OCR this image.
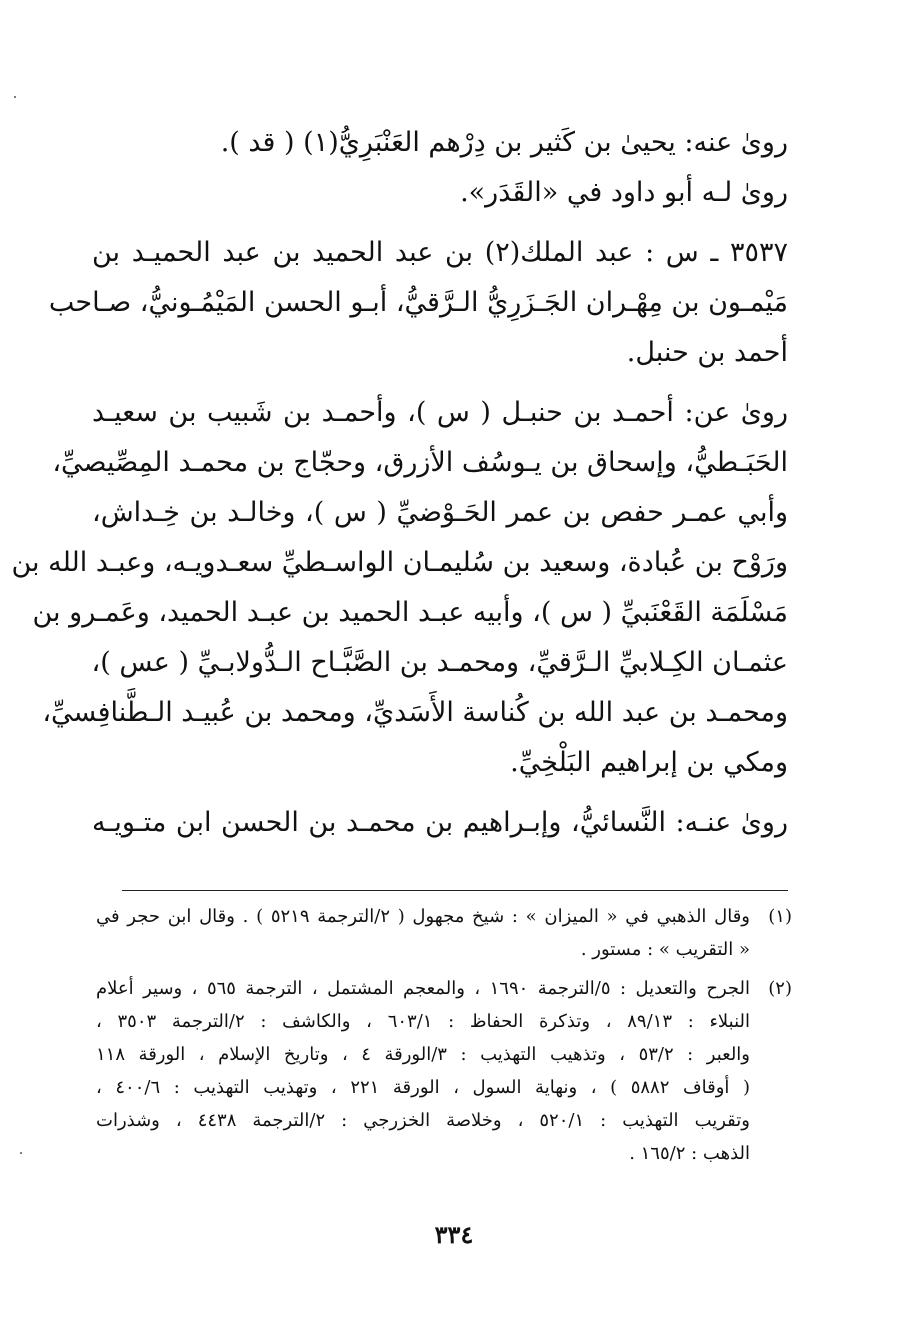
رویٰ عنه: يحيىٰ بن كَثير بن دِرْهم العَنْبَرِيُّ(١) ( قد ).
رویٰ لـه أبو داود في «القَدَر».
٣٥٣٧ ـ س : عبد الملك(٢) بن عبد الحميد بن عبد الحميـد بن
مَيْمـون بن مِهْـران الجَـزَرِيُّ الـرَّقيُّ، أبـو الحسن المَيْمُـونيُّ، صـاحب
أحمد بن حنبل.
رویٰ عن: أحمـد بن حنبـل ( س )، وأحمـد بن شَبيب بن سعيـد
الحَبَـطيُّ، وإسحاق بن يـوسُف الأزرق، وحجّاج بن محمـد المِصِّيصيِّ،
وأبي عمـر حفص بن عمر الحَـوْضيِّ ( س )، وخالـد بن خِـداش،
ورَوْح بن عُبادة، وسعيد بن سُليمـان الواسـطيِّ سعـدويـه، وعبـد الله بن
مَسْلَمَة القَعْنَبيِّ ( س )، وأبيه عبـد الحميد بن عبـد الحميد، وعَمـرو بن
عثمـان الكِـلابيِّ الـرَّقيِّ، ومحمـد بن الصَّبَّـاح الـدُّولابـيِّ ( عس )،
ومحمـد بن عبد الله بن كُناسة الأَسَديِّ، ومحمد بن عُبيـد الـطَّنافِسيِّ،
ومكي بن إبراهيم البَلْخِيِّ.
رویٰ عنـه: النَّسائيُّ، وإبـراهيم بن محمـد بن الحسن ابن متـويـه
(١)
وقال الذهبي في « الميزان » : شيخ مجهول ( ٢/الترجمة ٥٢١٩ ) . وقال ابن حجر في
« التقريب » : مستور .
(٢)
الجرح والتعديل : ٥/الترجمة ١٦٩٠ ، والمعجم المشتمل ، الترجمة ٥٦٥ ، وسير أعلام
النبلاء : ٨٩/١٣ ، وتذكرة الحفاظ : ٦٠٣/١ ، والكاشف : ٢/الترجمة ٣٥٠٣ ،
والعبر : ٥٣/٢ ، وتذهيب التهذيب : ٣/الورقة ٤ ، وتاريخ الإسلام ، الورقة ١١٨
( أوقاف ٥٨٨٢ ) ، ونهاية السول ، الورقة ٢٢١ ، وتهذيب التهذيب : ٤٠٠/٦ ،
وتقريب التهذيب : ٥٢٠/١ ، وخلاصة الخزرجي : ٢/الترجمة ٤٤٣٨ ، وشذرات
الذهب : ١٦٥/٢ .
٣٣٤
